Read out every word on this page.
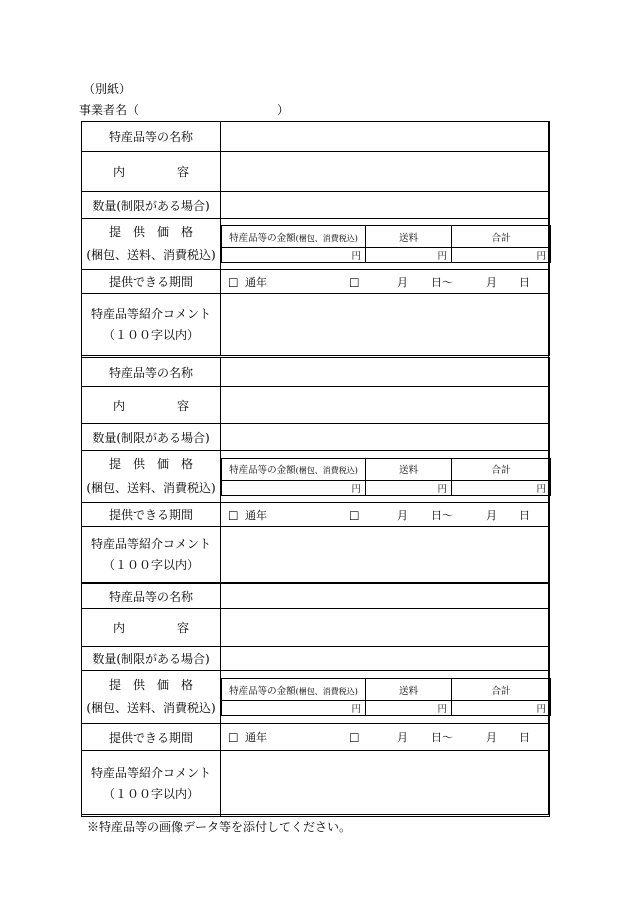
（別紙）
事業者名（	）
特産品等の名称	
内	容	
数量(制限がある場合)	
提　供　価　格
(梱包、送料、消費税込)	
特産品等の金額(梱包、消費税込)	送料	合計
円	円	円

提供できる期間	□ 通年	□	月 日～	月 日

特産品等紹介コメント
（１００字以内）	
特産品等の名称	
内	容	
数量(制限がある場合)	
提　供　価　格
(梱包、送料、消費税込)	
特産品等の金額(梱包、消費税込)	送料	合計
円	円	円

提供できる期間	□ 通年	□	月 日～	月 日

特産品等紹介コメント
（１００字以内）	
特産品等の名称	
内	容	
数量(制限がある場合)	
提　供　価　格
(梱包、送料、消費税込)	
特産品等の金額(梱包、消費税込)	送料	合計
円	円	円

提供できる期間	□ 通年	□	月 日～	月 日

特産品等紹介コメント
（１００字以内）	
※特産品等の画像データ等を添付してください。
